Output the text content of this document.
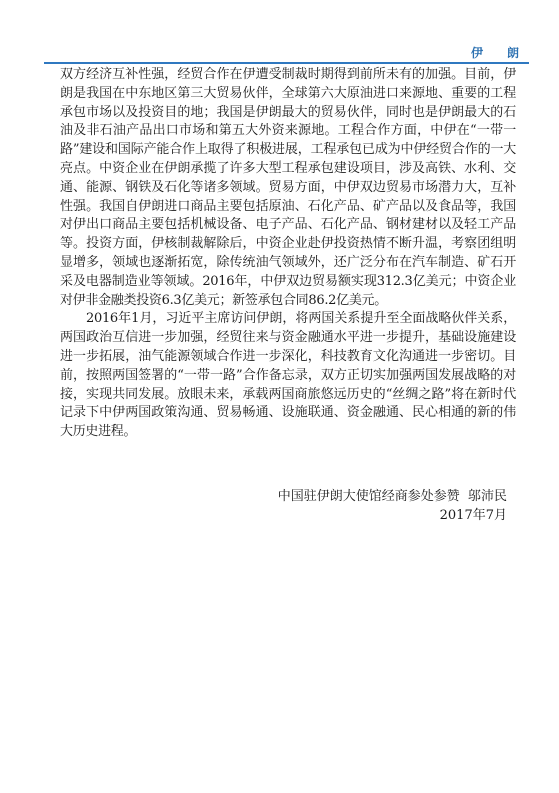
伊　朗

双方经济互补性强，经贸合作在伊遭受制裁时期得到前所未有的加强。目前，伊朗是我国在中东地区第三大贸易伙伴，全球第六大原油进口来源地、重要的工程承包市场以及投资目的地；我国是伊朗最大的贸易伙伴，同时也是伊朗最大的石油及非石油产品出口市场和第五大外资来源地。工程合作方面，中伊在“一带一路”建设和国际产能合作上取得了积极进展，工程承包已成为中伊经贸合作的一大亮点。中资企业在伊朗承揽了许多大型工程承包建设项目，涉及高铁、水利、交通、能源、钢铁及石化等诸多领域。贸易方面，中伊双边贸易市场潜力大，互补性强。我国自伊朗进口商品主要包括原油、石化产品、矿产品以及食品等，我国对伊出口商品主要包括机械设备、电子产品、石化产品、钢材建材以及轻工产品等。投资方面，伊核制裁解除后，中资企业赴伊投资热情不断升温，考察团组明显增多，领域也逐渐拓宽，除传统油气领域外，还广泛分布在汽车制造、矿石开采及电器制造业等领域。2016年，中伊双边贸易额实现312.3亿美元；中资企业对伊非金融类投资6.3亿美元；新签承包合同86.2亿美元。

2016年1月，习近平主席访问伊朗，将两国关系提升至全面战略伙伴关系，两国政治互信进一步加强，经贸往来与资金融通水平进一步提升，基础设施建设进一步拓展，油气能源领域合作进一步深化，科技教育文化沟通进一步密切。目前，按照两国签署的“一带一路”合作备忘录，双方正切实加强两国发展战略的对接，实现共同发展。放眼未来，承载两国商旅悠远历史的“丝绸之路”将在新时代记录下中伊两国政策沟通、贸易畅通、设施联通、资金融通、民心相通的新的伟大历史进程。

中国驻伊朗大使馆经商参处参赞  邬沛民
2017年7月
